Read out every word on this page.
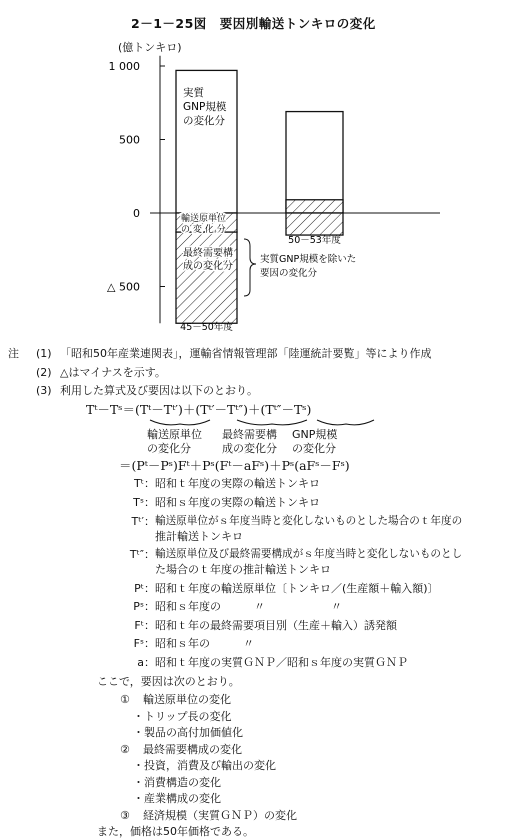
2－1－25図　要因別輸送トンキロの変化
(億トンキロ)
1 000
500
0
△ 500
45－50年度
50－53年度
実質
GNP規模
の変化分
輸送原単位
の 変 化 分
最終需要構
成の変化分
実質GNP規模を除いた
要因の変化分
注 (1) 「昭和50年産業連関表」，運輸省情報管理部「陸運統計要覧」等により作成
(2) △はマイナスを示す。
(3) 利用した算式及び要因は以下のとおり。
Tᵗ－Tˢ＝(Tᵗ－Tᵗ′)＋(Tᵗ′－Tᵗ″)＋(Tᵗ″－Tˢ)
輸送原単位
の変化分
最終需要構
成の変化分
GNP規模
の変化分
＝(Pᵗ－Pˢ)Fᵗ＋Pˢ(Fᵗ－aFˢ)＋Pˢ(aFˢ－Fˢ)
Tᵗ： 昭和ｔ年度の実際の輸送トンキロ
Tˢ： 昭和ｓ年度の実際の輸送トンキロ
Tᵗ′： 輸送原単位がｓ年度当時と変化しないものとした場合のｔ年度の
推計輸送トンキロ
Tᵗ″： 輸送原単位及び最終需要構成がｓ年度当時と変化しないものとし
た場合のｔ年度の推計輸送トンキロ
Pᵗ： 昭和ｔ年度の輸送原単位〔トンキロ／(生産額＋輸入額)〕
Pˢ： 昭和ｓ年度の　　　〃　　　　　　〃
Fᵗ： 昭和ｔ年の最終需要項目別（生産＋輸入）誘発額
Fˢ： 昭和ｓ年の　　　〃
a： 昭和ｔ年度の実質ＧＮＰ／昭和ｓ年度の実質ＧＮＰ
ここで，要因は次のとおり。
① 輸送原単位の変化
・トリップ長の変化
・製品の高付加価値化
② 最終需要構成の変化
・投資，消費及び輸出の変化
・消費構造の変化
・産業構成の変化
③ 経済規模（実質ＧＮＰ）の変化
また，価格は50年価格である。
